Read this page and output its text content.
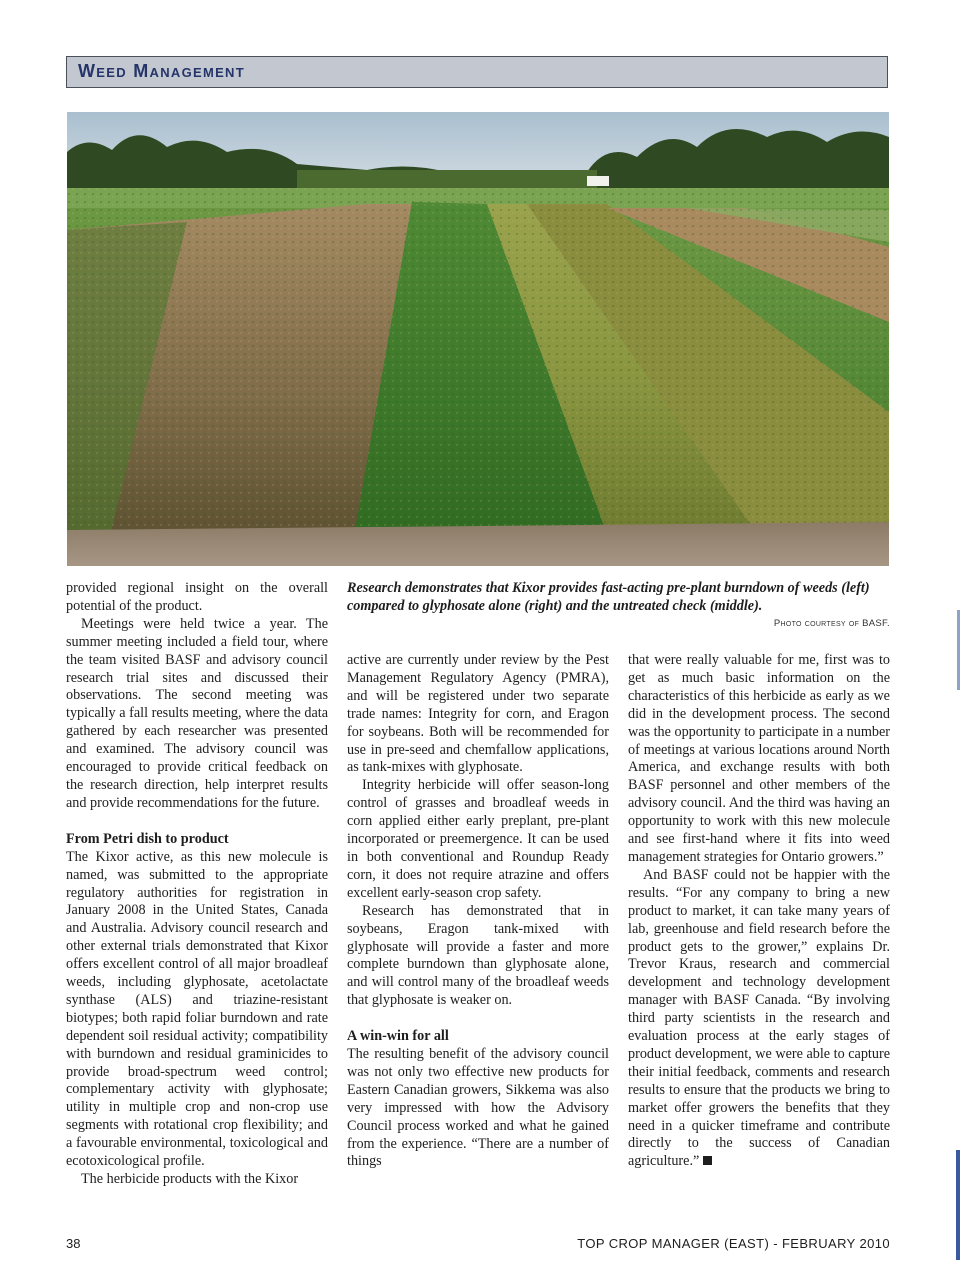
Weed Management
Research demonstrates that Kixor provides fast-acting pre-plant burndown of weeds (left) compared to glyphosate alone (right) and the untreated check (middle).
Photo courtesy of BASF.

provided regional insight on the overall potential of the product.

Meetings were held twice a year. The summer meeting included a field tour, where the team visited BASF and advisory council research trial sites and discussed their observations. The second meeting was typically a fall results meeting, where the data gathered by each researcher was presented and examined. The advisory council was encouraged to provide critical feedback on the research direction, help interpret results and provide recommendations for the future.

From Petri dish to product

The Kixor active, as this new molecule is named, was submitted to the appropriate regulatory authorities for registration in January 2008 in the United States, Canada and Australia. Advisory council research and other external trials demonstrated that Kixor offers excellent control of all major broadleaf weeds, including glyphosate, acetolactate synthase (ALS) and triazine-resistant biotypes; both rapid foliar burndown and rate dependent soil residual activity; compatibility with burndown and residual graminicides to provide broad-spectrum weed control; complementary activity with glyphosate; utility in multiple crop and non-crop use segments with rotational crop flexibility; and a favourable environmental, toxicological and ecotoxicological profile.

The herbicide products with the Kixor

active are currently under review by the Pest Management Regulatory Agency (PMRA), and will be registered under two separate trade names: Integrity for corn, and Eragon for soybeans. Both will be recommended for use in pre-seed and chemfallow applications, as tank-mixes with glyphosate.

Integrity herbicide will offer season-long control of grasses and broadleaf weeds in corn applied either early preplant, pre-plant incorporated or preemergence. It can be used in both conventional and Roundup Ready corn, it does not require atrazine and offers excellent early-season crop safety.

Research has demonstrated that in soybeans, Eragon tank-mixed with glyphosate will provide a faster and more complete burndown than glyphosate alone, and will control many of the broadleaf weeds that glyphosate is weaker on.

A win-win for all

The resulting benefit of the advisory council was not only two effective new products for Eastern Canadian growers, Sikkema was also very impressed with how the Advisory Council process worked and what he gained from the experience. “There are a number of things

that were really valuable for me, first was to get as much basic information on the characteristics of this herbicide as early as we did in the development process. The second was the opportunity to participate in a number of meetings at various locations around North America, and exchange results with both BASF personnel and other members of the advisory council. And the third was having an opportunity to work with this new molecule and see first-hand where it fits into weed management strategies for Ontario growers.”

And BASF could not be happier with the results. “For any company to bring a new product to market, it can take many years of lab, greenhouse and field research before the product gets to the grower,” explains Dr. Trevor Kraus, research and commercial development and technology development manager with BASF Canada. “By involving third party scientists in the research and evaluation process at the early stages of product development, we were able to capture their initial feedback, comments and research results to ensure that the products we bring to market offer growers the benefits that they need in a quicker timeframe and contribute directly to the success of Canadian agriculture.”

38	TOP CROP MANAGER (EAST) - FEBRUARY 2010
